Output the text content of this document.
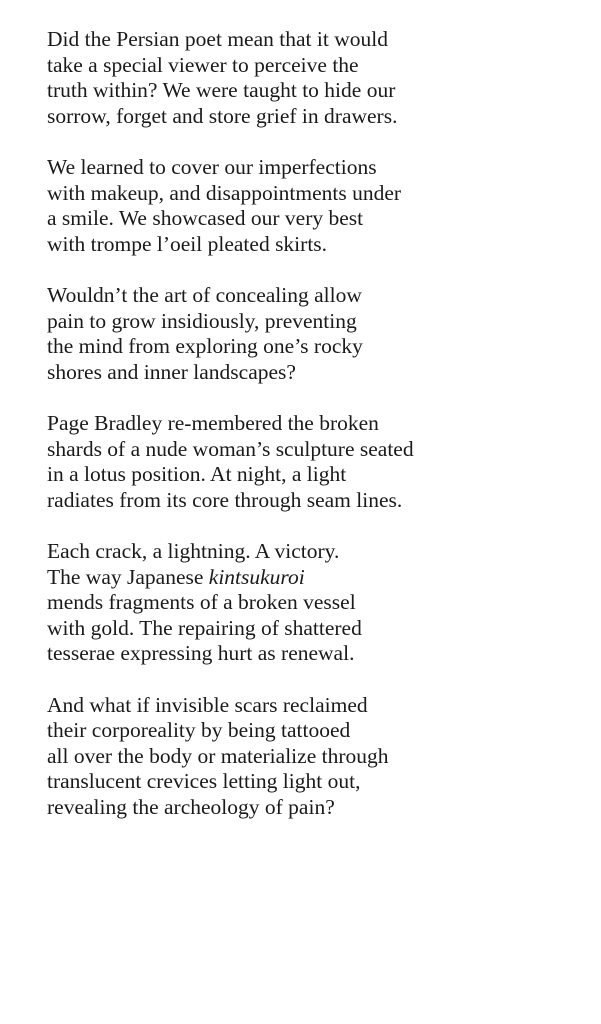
Did the Persian poet mean that it would
take a special viewer to perceive the
truth within? We were taught to hide our
sorrow, forget and store grief in drawers.

We learned to cover our imperfections
with makeup, and disappointments under
a smile. We showcased our very best
with trompe l’oeil pleated skirts.

Wouldn’t the art of concealing allow
pain to grow insidiously, preventing
the mind from exploring one’s rocky
shores and inner landscapes?

Page Bradley re-membered the broken
shards of a nude woman’s sculpture seated
in a lotus position. At night, a light
radiates from its core through seam lines.

Each crack, a lightning. A victory.
The way Japanese kintsukuroi
mends fragments of a broken vessel
with gold. The repairing of shattered
tesserae expressing hurt as renewal.

And what if invisible scars reclaimed
their corporeality by being tattooed
all over the body or materialize through
translucent crevices letting light out,
revealing the archeology of pain?
